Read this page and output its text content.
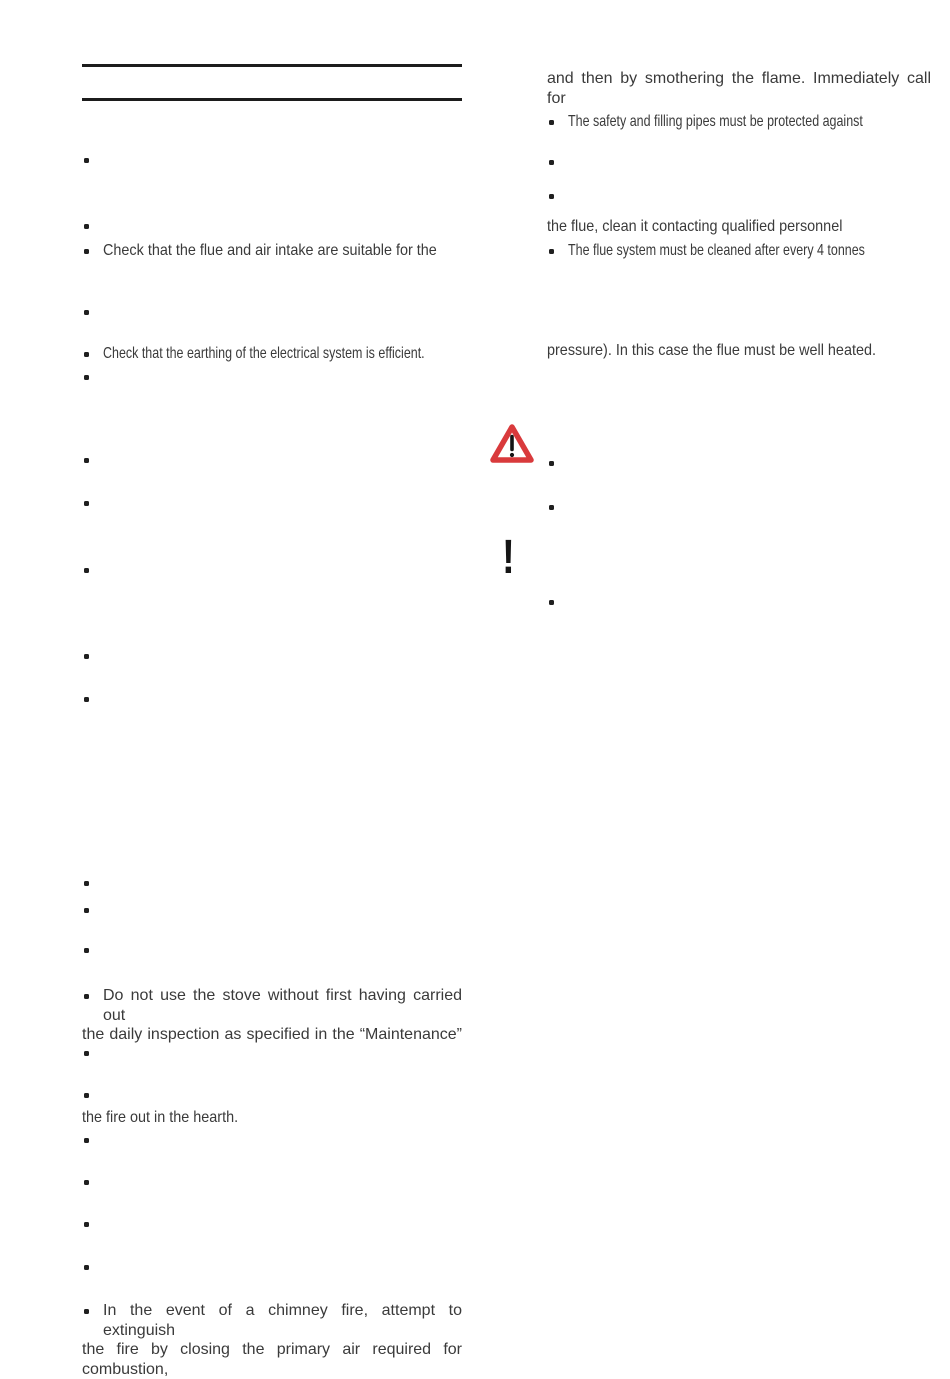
Check that the flue and air intake are suitable for the
Check that the earthing of the electrical system is efficient.
Do not use the stove without first having carried out
the daily inspection as specified in the “Maintenance”
the fire out in the hearth.
In the event of a chimney fire, attempt to extinguish
the fire by closing the primary air required for combustion,
and then by smothering the flame. Immediately call for
The safety and filling pipes must be protected against
the flue, clean it contacting qualified personnel
The flue system must be cleaned after every 4 tonnes
pressure). In this case the flue must be well heated.
!
